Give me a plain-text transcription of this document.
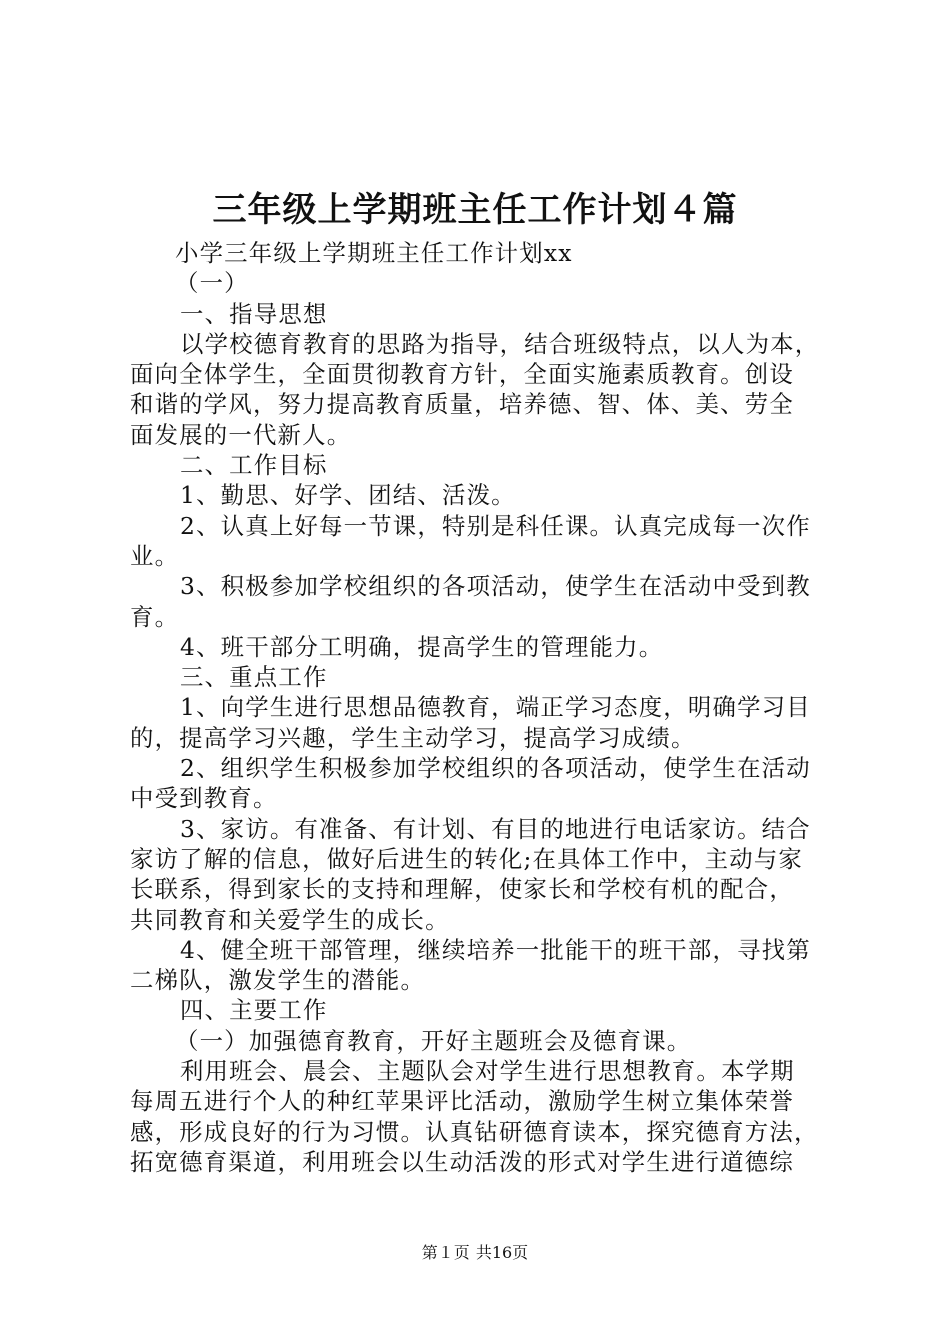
三年级上学期班主任工作计划４篇
小学三年级上学期班主任工作计划xx
（一）
一、指导思想
以学校德育教育的思路为指导，结合班级特点，以人为本，
面向全体学生，全面贯彻教育方针，全面实施素质教育。创设
和谐的学风，努力提高教育质量，培养德、智、体、美、劳全
面发展的一代新人。
二、工作目标
1、勤思、好学、团结、活泼。
2、认真上好每一节课，特别是科任课。认真完成每一次作
业。
3、积极参加学校组织的各项活动，使学生在活动中受到教
育。
4、班干部分工明确，提高学生的管理能力。
三、重点工作
1、向学生进行思想品德教育，端正学习态度，明确学习目
的，提高学习兴趣，学生主动学习，提高学习成绩。
2、组织学生积极参加学校组织的各项活动，使学生在活动
中受到教育。
3、家访。有准备、有计划、有目的地进行电话家访。结合
家访了解的信息，做好后进生的转化;在具体工作中，主动与家
长联系，得到家长的支持和理解，使家长和学校有机的配合，
共同教育和关爱学生的成长。
4、健全班干部管理，继续培养一批能干的班干部，寻找第
二梯队，激发学生的潜能。
四、主要工作
（一）加强德育教育，开好主题班会及德育课。
利用班会、晨会、主题队会对学生进行思想教育。本学期
每周五进行个人的种红苹果评比活动，激励学生树立集体荣誉
感，形成良好的行为习惯。认真钻研德育读本，探究德育方法，
拓宽德育渠道，利用班会以生动活泼的形式对学生进行道德综
第１页 共16页
